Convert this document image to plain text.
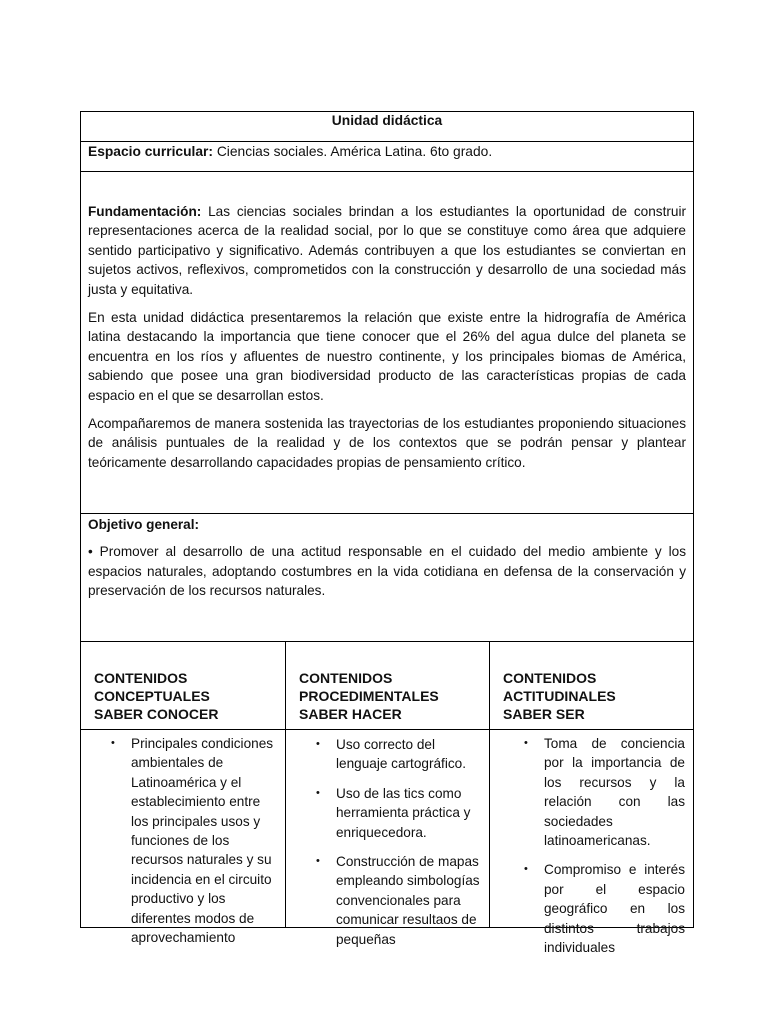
Unidad didáctica
Espacio curricular: Ciencias sociales. América Latina. 6to grado.

Fundamentación: Las ciencias sociales brindan a los estudiantes la oportunidad de construir representaciones acerca de la realidad social, por lo que se constituye como área que adquiere sentido participativo y significativo. Además contribuyen a que los estudiantes se conviertan en sujetos activos, reflexivos, comprometidos con la construcción y desarrollo de una sociedad más justa y equitativa.

En esta unidad didáctica presentaremos la relación que existe entre la hidrografía de América latina destacando la importancia que tiene conocer que el 26% del agua dulce del planeta se encuentra en los ríos y afluentes de nuestro continente, y los principales biomas de América, sabiendo que posee una gran biodiversidad producto de las características propias de cada espacio en el que se desarrollan estos.

Acompañaremos de manera sostenida las trayectorias de los estudiantes proponiendo situaciones de análisis puntuales de la realidad y de los contextos que se podrán pensar y plantear teóricamente desarrollando capacidades propias de pensamiento crítico.

Objetivo general:

• Promover al desarrollo de una actitud responsable en el cuidado del medio ambiente y los espacios naturales, adoptando costumbres en la vida cotidiana en defensa de la conservación y preservación de los recursos naturales.

CONTENIDOS
CONCEPTUALES
SABER CONOCER
• Principales condiciones ambientales de Latinoamérica y el establecimiento entre los principales usos y funciones de los recursos naturales y su incidencia en el circuito productivo y los diferentes modos de aprovechamiento
CONTENIDOS
PROCEDIMENTALES
SABER HACER
• Uso correcto del lenguaje cartográfico.
• Uso de las tics como herramienta práctica y enriquecedora.
• Construcción de mapas empleando simbologías convencionales para comunicar resultaos de pequeñas
CONTENIDOS
ACTITUDINALES
SABER SER
• Toma de conciencia por la importancia de los recursos y la relación con las sociedades latinoamericanas.
• Compromiso e interés por el espacio geográfico en los distintos trabajos individuales
